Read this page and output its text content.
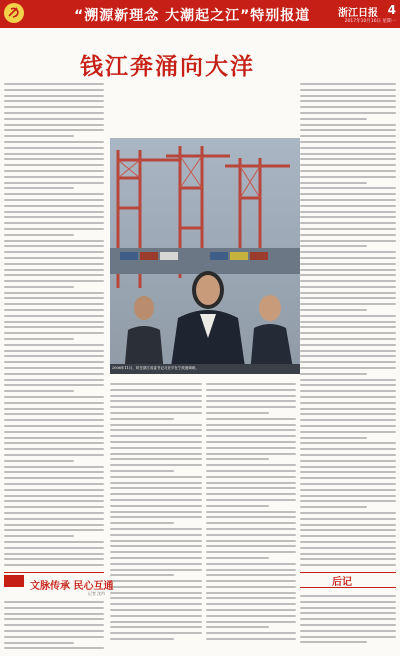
“溯源新理念 大潮起之江”特别报道	浙江日报 4
2017年10月16日 星期一
钱江奔涌向大洋
2006年11月，时任浙江省委书记习近平在宁波港调研。
文脉传承 民心互通
记者 沈吟
后记
